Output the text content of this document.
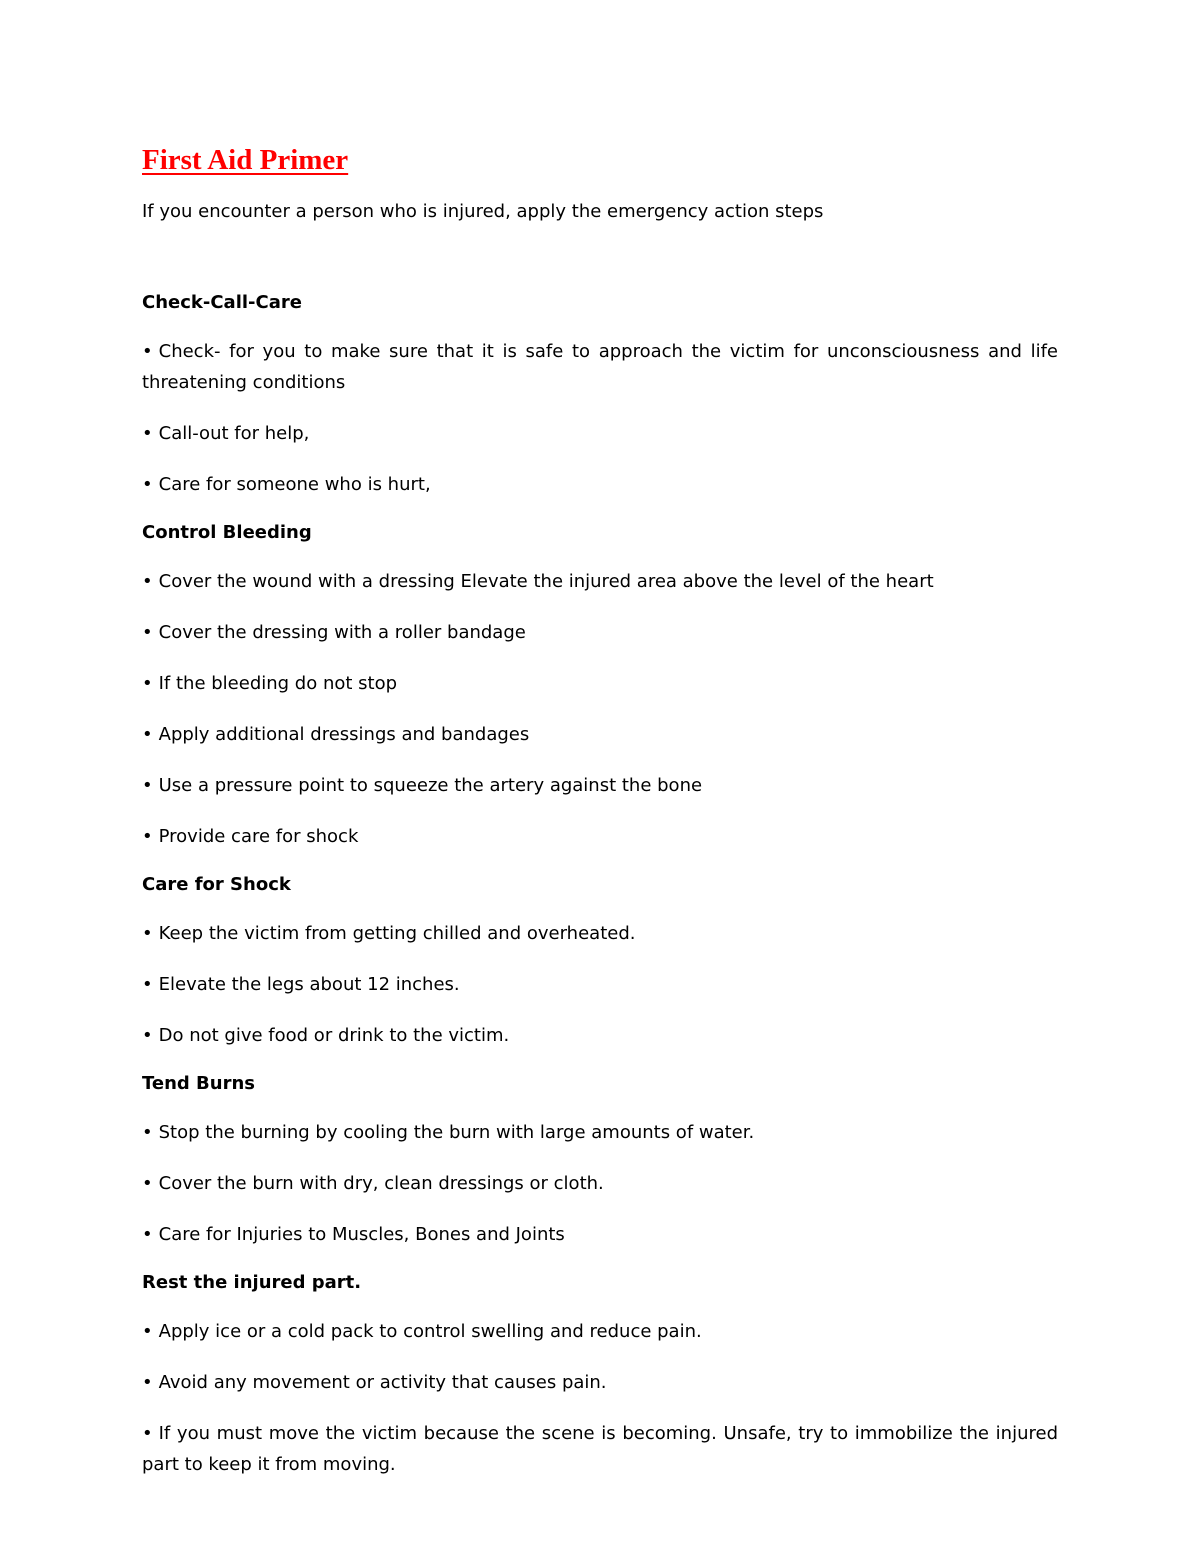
First Aid Primer

If you encounter a person who is injured, apply the emergency action steps

Check-Call-Care

• Check- for you to make sure that it is safe to approach the victim for unconsciousness and life threatening conditions

• Call-out for help,

• Care for someone who is hurt,

Control Bleeding

• Cover the wound with a dressing Elevate the injured area above the level of the heart

• Cover the dressing with a roller bandage

• If the bleeding do not stop

• Apply additional dressings and bandages

• Use a pressure point to squeeze the artery against the bone

• Provide care for shock

Care for Shock

• Keep the victim from getting chilled and overheated.

• Elevate the legs about 12 inches.

• Do not give food or drink to the victim.

Tend Burns

• Stop the burning by cooling the burn with large amounts of water.

• Cover the burn with dry, clean dressings or cloth.

• Care for Injuries to Muscles, Bones and Joints

Rest the injured part.

• Apply ice or a cold pack to control swelling and reduce pain.

• Avoid any movement or activity that causes pain.

• If you must move the victim because the scene is becoming. Unsafe, try to immobilize the injured part to keep it from moving.
